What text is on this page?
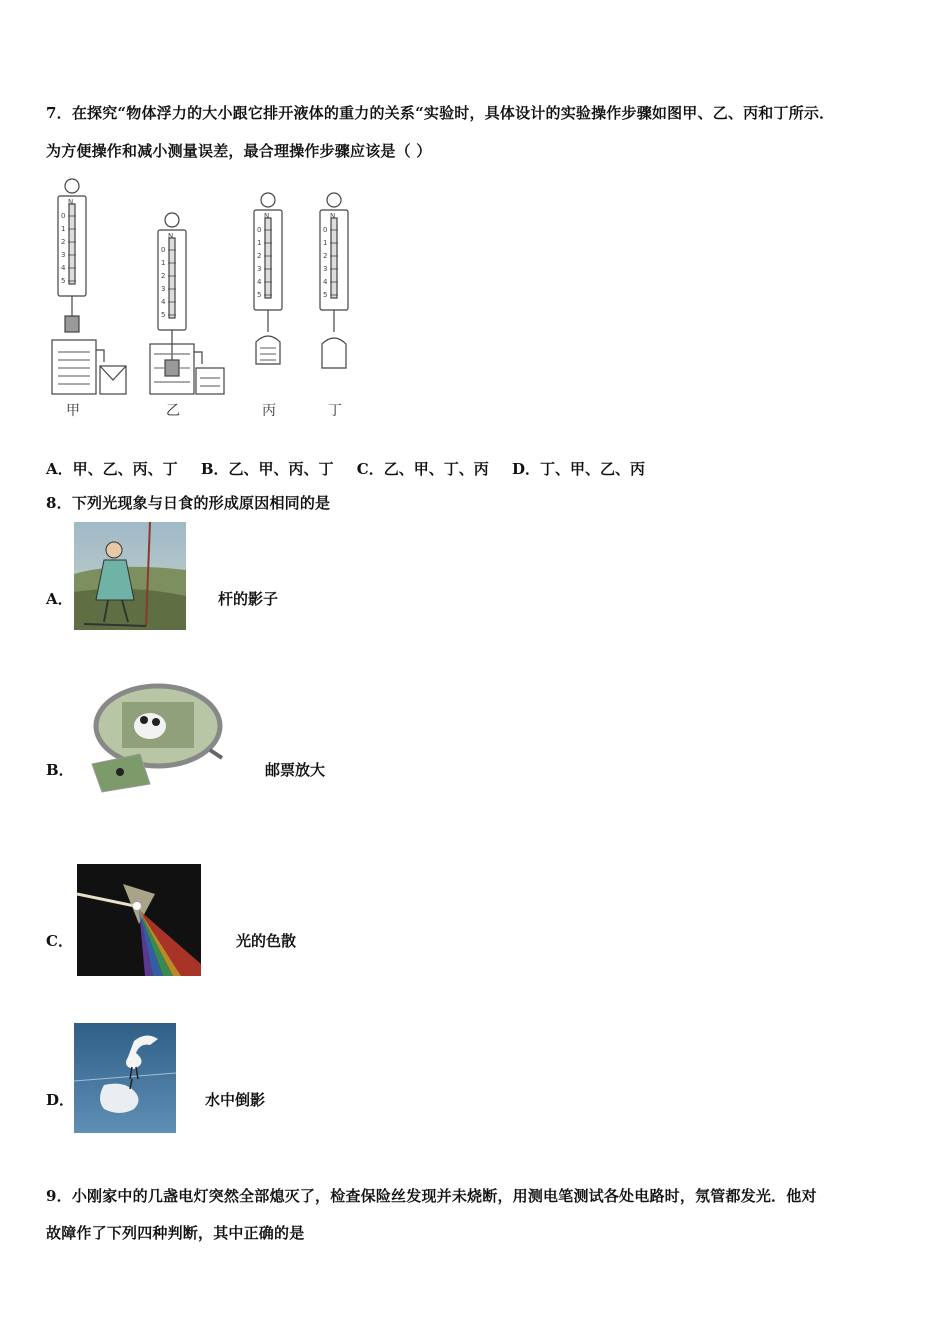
7．在探究“物体浮力的大小跟它排开液体的重力的关系“实验时，具体设计的实验操作步骤如图甲、乙、丙和丁所示．
为方便操作和减小测量误差，最合理操作步骤应该是（ ）
N
N
N	N
0
1
2
3
4
5
0
1
2
3
4
5
0
1
2
3
4
5
0
1
2
3
4
5
甲	乙	丙	丁
A．甲、乙、丙、丁 B．乙、甲、丙、丁 C．乙、甲、丁、丙 D．丁、甲、乙、丙
8．下列光现象与日食的形成原因相同的是
A．	杆的影子
B．	邮票放大
C．	光的色散
D．	水中倒影
9．小刚家中的几盏电灯突然全部熄灭了，检查保险丝发现并未烧断，用测电笔测试各处电路时，氖管都发光．他对
故障作了下列四种判断，其中正确的是
